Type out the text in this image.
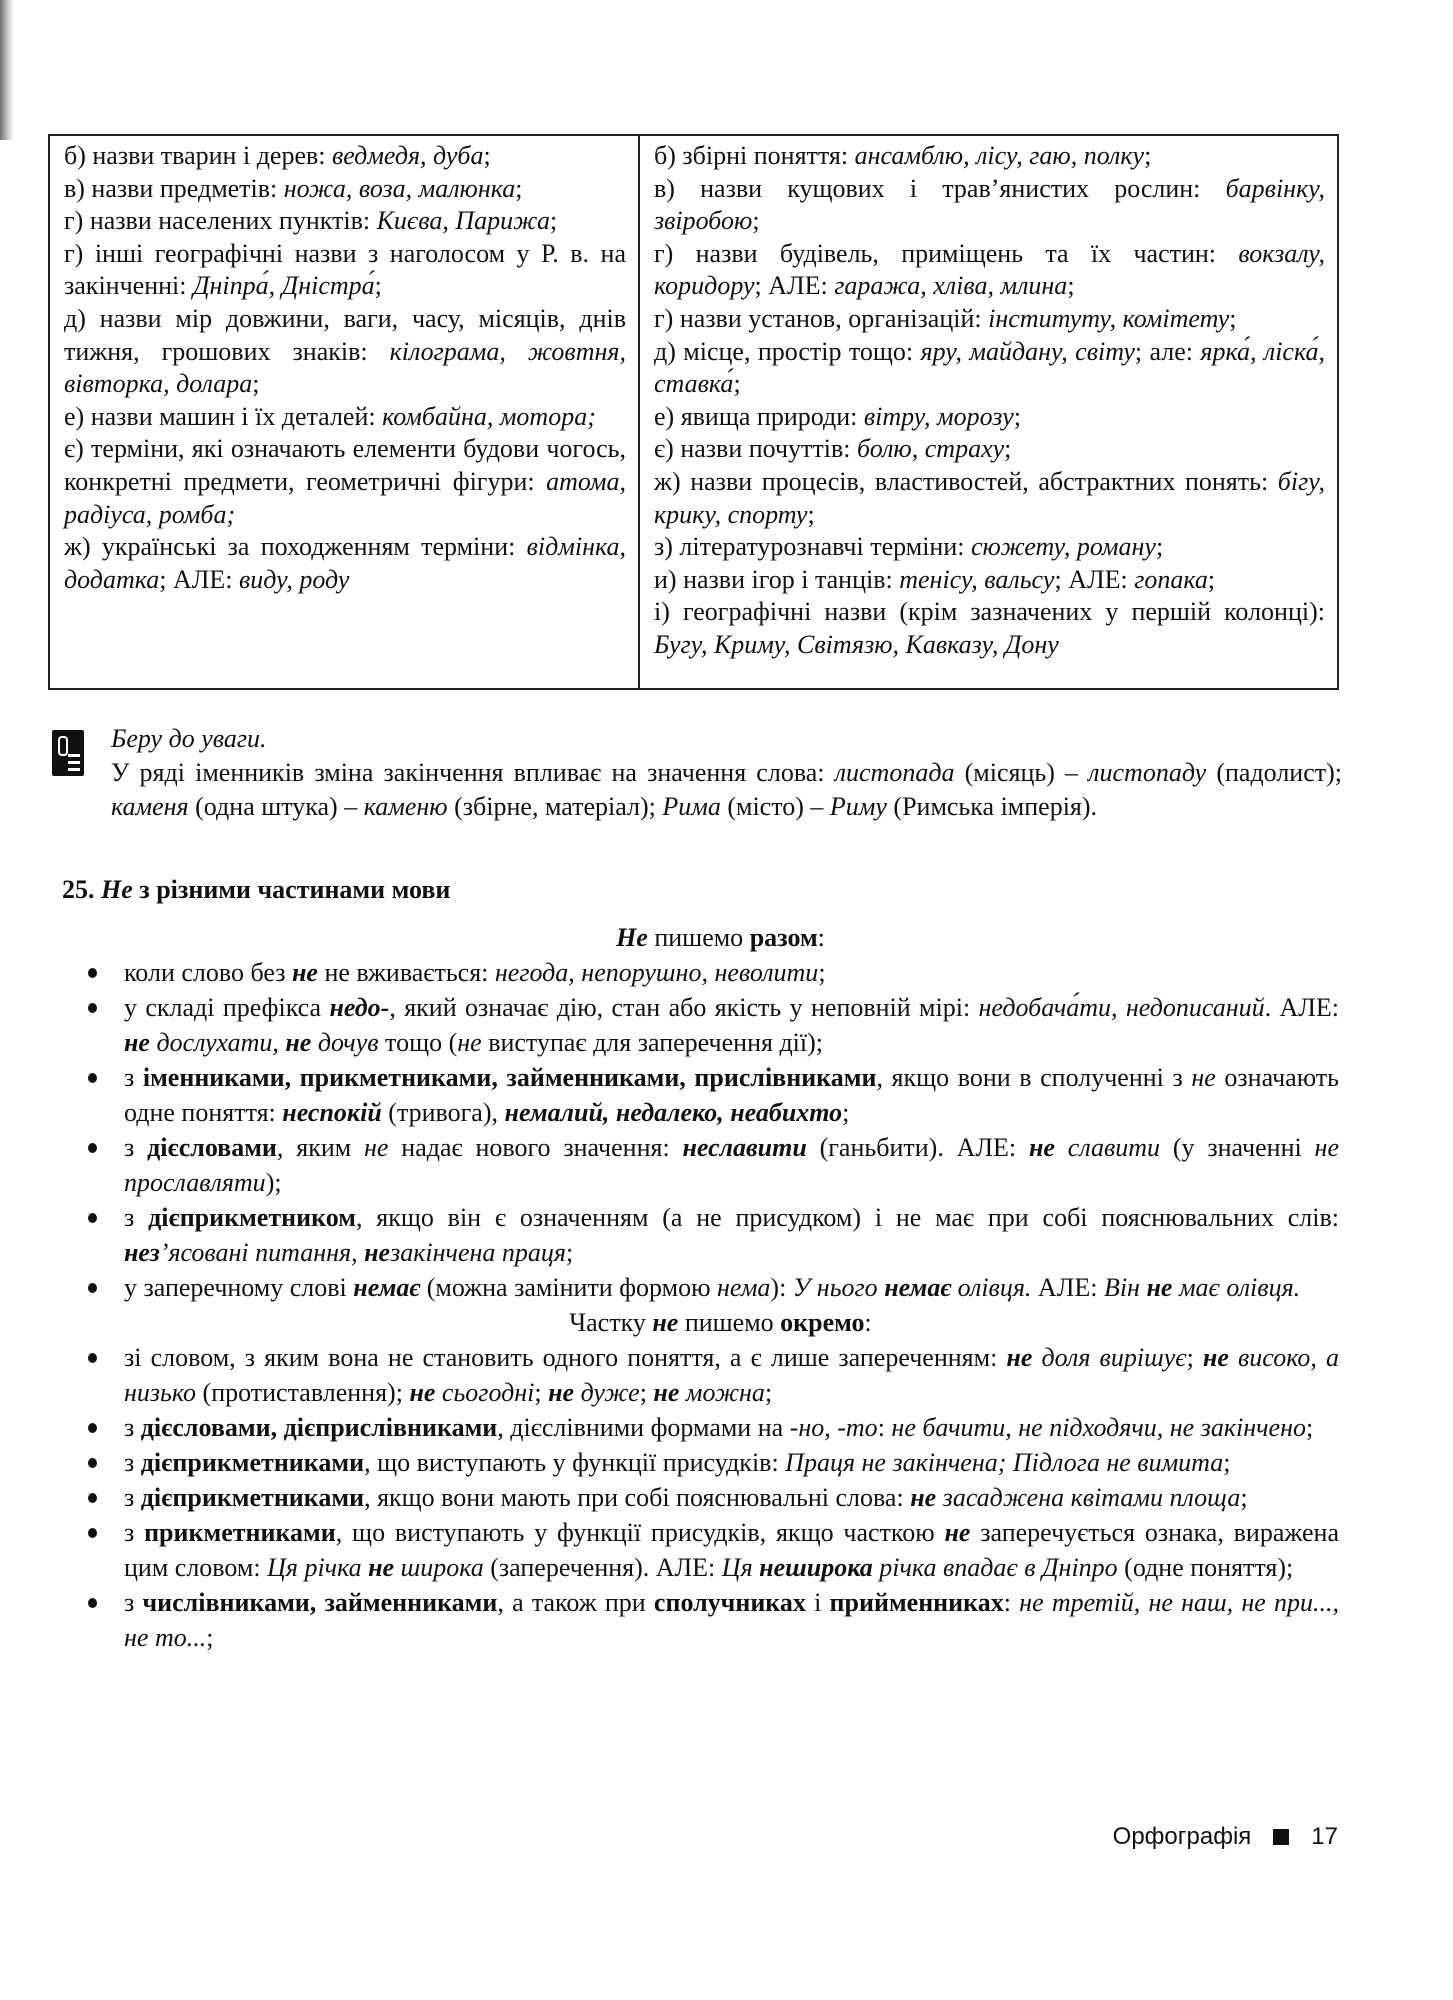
б) назви тварин і дерев: ведмедя, дуба;

в) назви предметів: ножа, воза, малюнка;

г) назви населених пунктів: Києва, Парижа;

г) інші географічні назви з наголосом у Р. в. на закінченні: Дніпра́, Дністра́;

д) назви мір довжини, ваги, часу, місяців, днів тижня, грошових знаків: кілограма, жовтня, вівторка, долара;

е) назви машин і їх деталей: комбайна, мотора;

є) терміни, які означають елементи будови чогось, конкретні предмети, геометричні фігури: атома, радіуса, ромба;

ж) українські за походженням терміни: відмінка, додатка; АЛЕ: виду, роду

б) збірні поняття: ансамблю, лісу, гаю, полку;

в) назви кущових і трав’янистих рослин: барвінку, звіробою;

г) назви будівель, приміщень та їх частин: вокзалу, коридору; АЛЕ: гаража, хліва, млина;

г) назви установ, організацій: інституту, комітету;

д) місце, простір тощо: яру, майдану, світу; але: ярка́, ліска́, ставка́;

е) явища природи: вітру, морозу;

є) назви почуттів: болю, страху;

ж) назви процесів, властивостей, абстрактних понять: бігу, крику, спорту;

з) літературознавчі терміни: сюжету, роману;

и) назви ігор і танців: тенісу, вальсу; АЛЕ: гопака;

і) географічні назви (крім зазначених у першій колонці): Бугу, Криму, Світязю, Кавказу, Дону

Беру до уваги.

У ряді іменників зміна закінчення впливає на значення слова: листопада (місяць) – листопаду (падолист); каменя (одна штука) – каменю (збірне, матеріал); Рима (місто) – Риму (Римська імперія).

25. Не з різними частинами мови
Не пишемо разом:
коли слово без не не вживається: негода, непорушно, неволити;
у складі префікса недо-, який означає дію, стан або якість у неповній мірі: недобача́ти, недописаний. АЛЕ: не дослухати, не дочув тощо (не виступає для заперечення дії);
з іменниками, прикметниками, займенниками, прислівниками, якщо вони в сполученні з не означають одне поняття: неспокій (тривога), немалий, недалеко, неабихто;
з дієсловами, яким не надає нового значення: неславити (ганьбити). АЛЕ: не славити (у значенні не прославляти);
з дієприкметником, якщо він є означенням (а не присудком) і не має при собі пояснювальних слів: нез’ясовані питання, незакінчена праця;
у заперечному слові немає (можна замінити формою нема): У нього немає олівця. АЛЕ: Він не має олівця.
Частку не пишемо окремо:
зі словом, з яким вона не становить одного поняття, а є лише запереченням: не доля вирішує; не високо, а низько (протиставлення); не сьогодні; не дуже; не можна;
з дієсловами, дієприслівниками, дієслівними формами на -но, -то: не бачити, не підходячи, не закінчено;
з дієприкметниками, що виступають у функції присудків: Праця не закінчена; Підлога не вимита;
з дієприкметниками, якщо вони мають при собі пояснювальні слова: не засаджена квітами площа;
з прикметниками, що виступають у функції присудків, якщо часткою не заперечується ознака, виражена цим словом: Ця річка не широка (заперечення). АЛЕ: Ця неширока річка впадає в Дніпро (одне поняття);
з числівниками, займенниками, а також при сполучниках і прийменниках: не третій, не наш, не при..., не то...;
Орфографія	17
